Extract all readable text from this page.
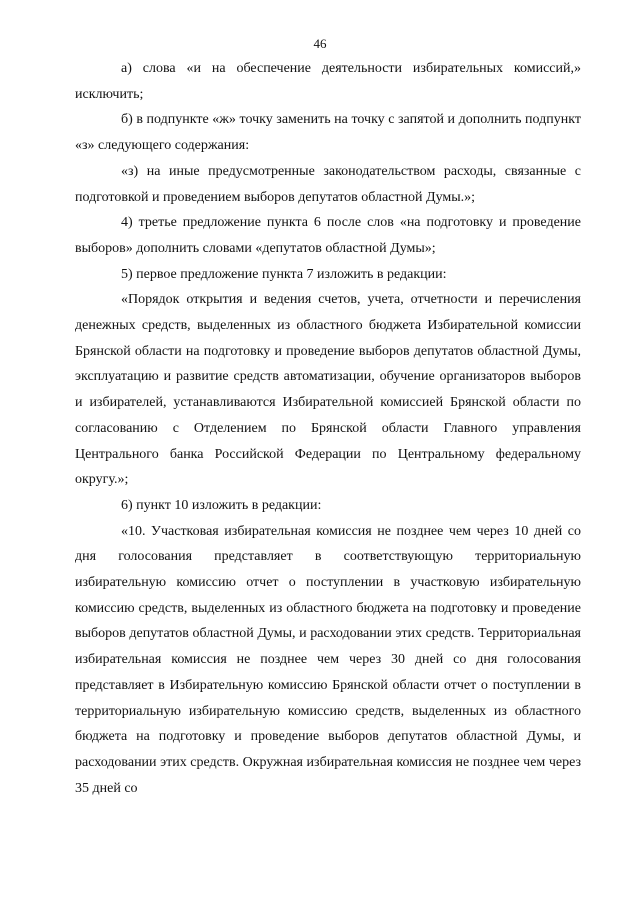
46

а) слова «и на обеспечение деятельности избирательных комиссий,» исключить;

б) в подпункте «ж» точку заменить на точку с запятой и дополнить подпункт «з» следующего содержания:

«з) на иные предусмотренные законодательством расходы, связанные с подготовкой и проведением выборов депутатов областной Думы.»;

4) третье предложение пункта 6 после слов «на подготовку и проведение выборов» дополнить словами «депутатов областной Думы»;

5) первое предложение пункта 7 изложить в редакции:

«Порядок открытия и ведения счетов, учета, отчетности и перечисления денежных средств, выделенных из областного бюджета Избирательной комиссии Брянской области на подготовку и проведение выборов депутатов областной Думы, эксплуатацию и развитие средств автоматизации, обучение организаторов выборов и избирателей, устанавливаются Избирательной комиссией Брянской области по согласованию с Отделением по Брянской области Главного управления Центрального банка Российской Федерации по Центральному федеральному округу.»;

6) пункт 10 изложить в редакции:

«10. Участковая избирательная комиссия не позднее чем через 10 дней со дня голосования представляет в соответствующую территориальную избирательную комиссию отчет о поступлении в участковую избирательную комиссию средств, выделенных из областного бюджета на подготовку и проведение выборов депутатов областной Думы, и расходовании этих средств. Территориальная избирательная комиссия не позднее чем через 30 дней со дня голосования представляет в Избирательную комиссию Брянской области отчет о поступлении в территориальную избирательную комиссию средств, выделенных из областного бюджета на подготовку и проведение выборов депутатов областной Думы, и расходовании этих средств. Окружная избирательная комиссия не позднее чем через 35 дней со
